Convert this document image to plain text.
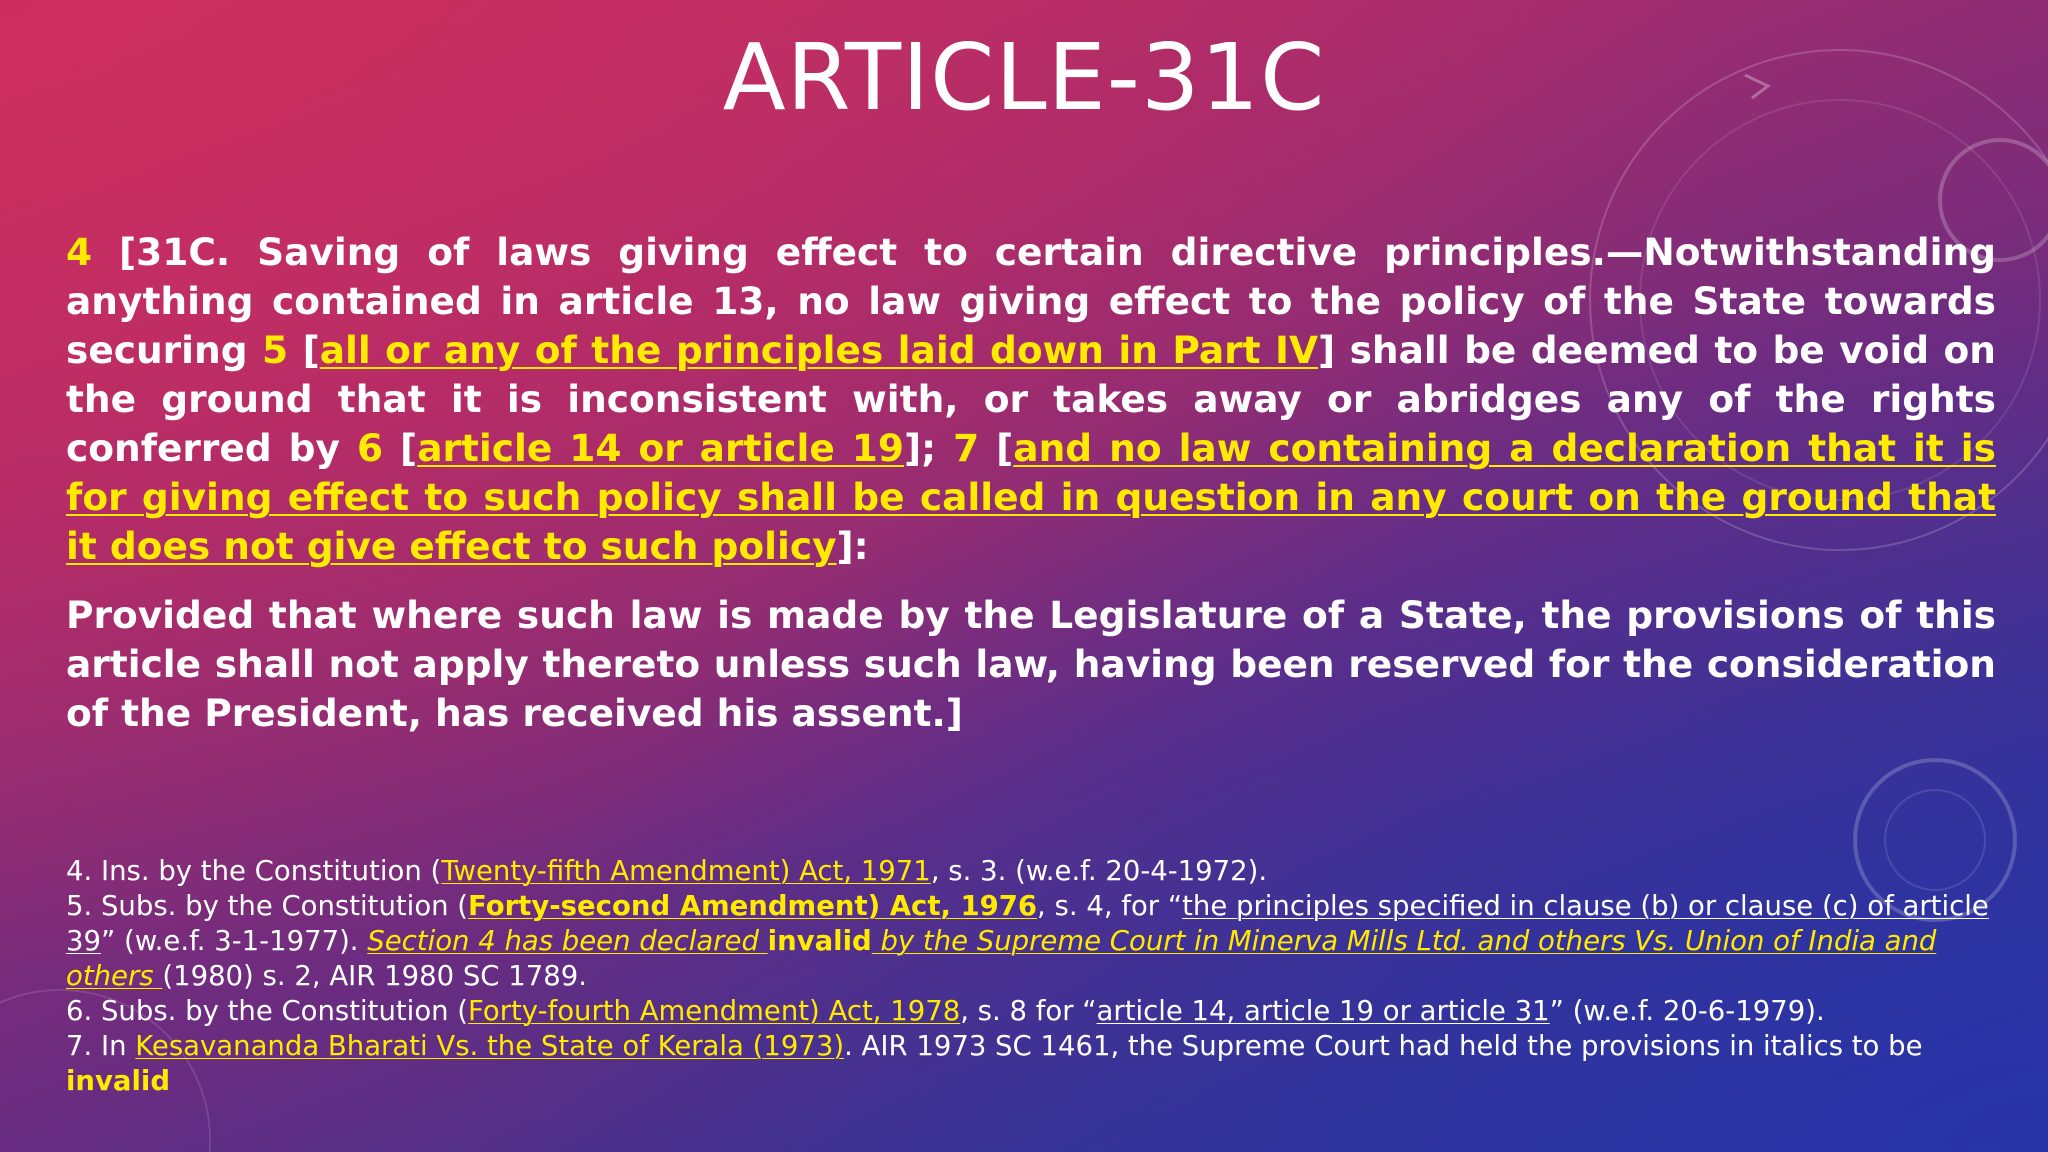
ARTICLE-31C

4 [31C. Saving of laws giving effect to certain directive principles.—Notwithstanding anything contained in article 13, no law giving effect to the policy of the State towards securing 5 [all or any of the principles laid down in Part IV] shall be deemed to be void on the ground that it is inconsistent with, or takes away or abridges any of the rights conferred by 6 [article 14 or article 19]; 7 [and no law containing a declaration that it is for giving effect to such policy shall be called in question in any court on the ground that it does not give effect to such policy]:

Provided that where such law is made by the Legislature of a State, the provisions of this article shall not apply thereto unless such law, having been reserved for the consideration of the President, has received his assent.]

4. Ins. by the Constitution (Twenty-fifth Amendment) Act, 1971, s. 3. (w.e.f. 20-4-1972).

5. Subs. by the Constitution (Forty-second Amendment) Act, 1976, s. 4, for “the principles specified in clause (b) or clause (c) of article 39” (w.e.f. 3-1-1977). Section 4 has been declared invalid by the Supreme Court in Minerva Mills Ltd. and others Vs. Union of India and others (1980) s. 2, AIR 1980 SC 1789.

6. Subs. by the Constitution (Forty-fourth Amendment) Act, 1978, s. 8 for “article 14, article 19 or article 31” (w.e.f. 20-6-1979).

7. In Kesavananda Bharati Vs. the State of Kerala (1973). AIR 1973 SC 1461, the Supreme Court had held the provisions in italics to be invalid
